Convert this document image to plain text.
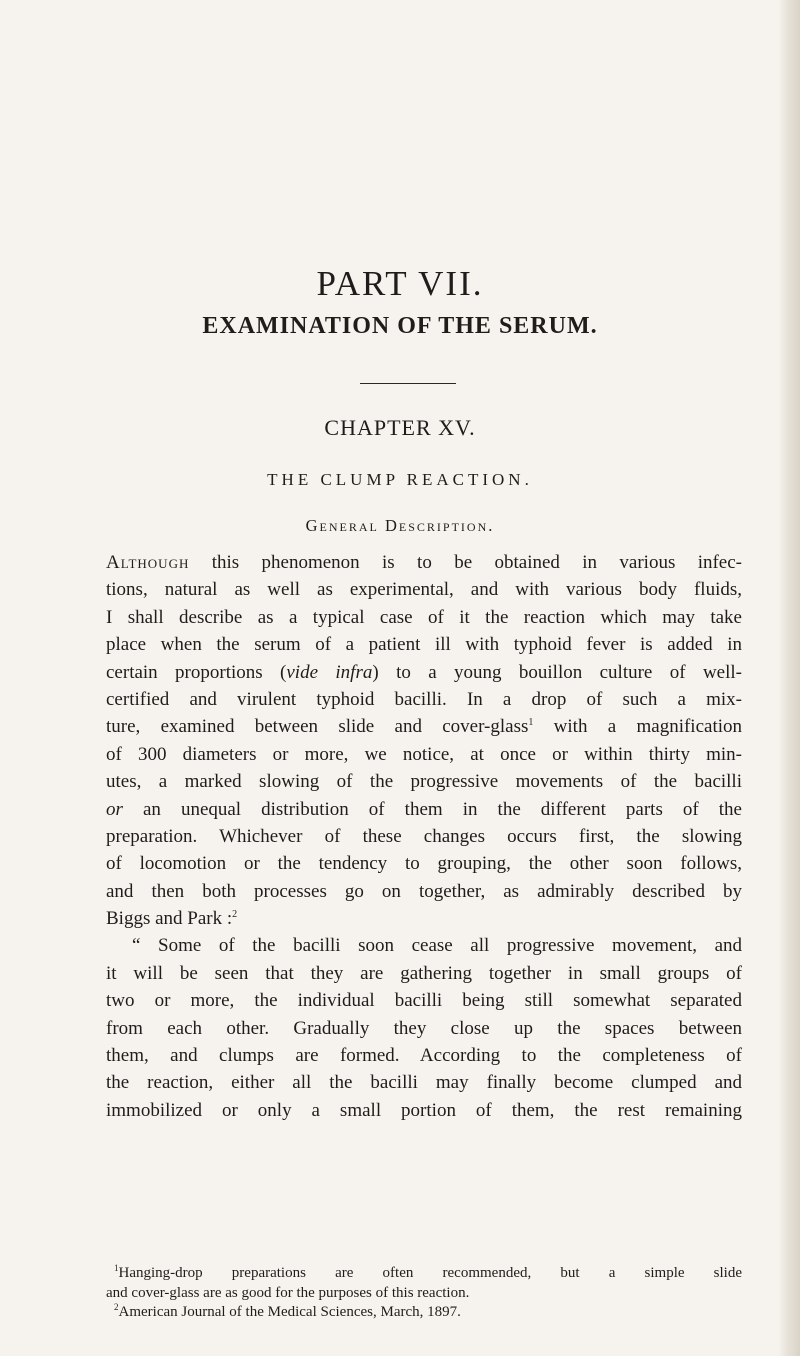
PART VII.
EXAMINATION OF THE SERUM.
CHAPTER XV.
THE CLUMP REACTION.
General Description.
Although this phenomenon is to be obtained in various infec-
tions, natural as well as experimental, and with various body fluids,
I shall describe as a typical case of it the reaction which may take
place when the serum of a patient ill with typhoid fever is added in
certain proportions (vide infra) to a young bouillon culture of well-
certified and virulent typhoid bacilli. In a drop of such a mix-
ture, examined between slide and cover-glass$^1$ with a magnification
of 300 diameters or more, we notice, at once or within thirty min-
utes, a marked slowing of the progressive movements of the bacilli
or an unequal distribution of them in the different parts of the
preparation. Whichever of these changes occurs first, the slowing
of locomotion or the tendency to grouping, the other soon follows,
and then both processes go on together, as admirably described by
Biggs and Park :$^2$
“ Some of the bacilli soon cease all progressive movement, and
it will be seen that they are gathering together in small groups of
two or more, the individual bacilli being still somewhat separated
from each other. Gradually they close up the spaces between
them, and clumps are formed. According to the completeness of
the reaction, either all the bacilli may finally become clumped and
immobilized or only a small portion of them, the rest remaining
$^1$Hanging-drop preparations are often recommended, but a simple slide
and cover-glass are as good for the purposes of this reaction.
$^2$American Journal of the Medical Sciences, March, 1897.
